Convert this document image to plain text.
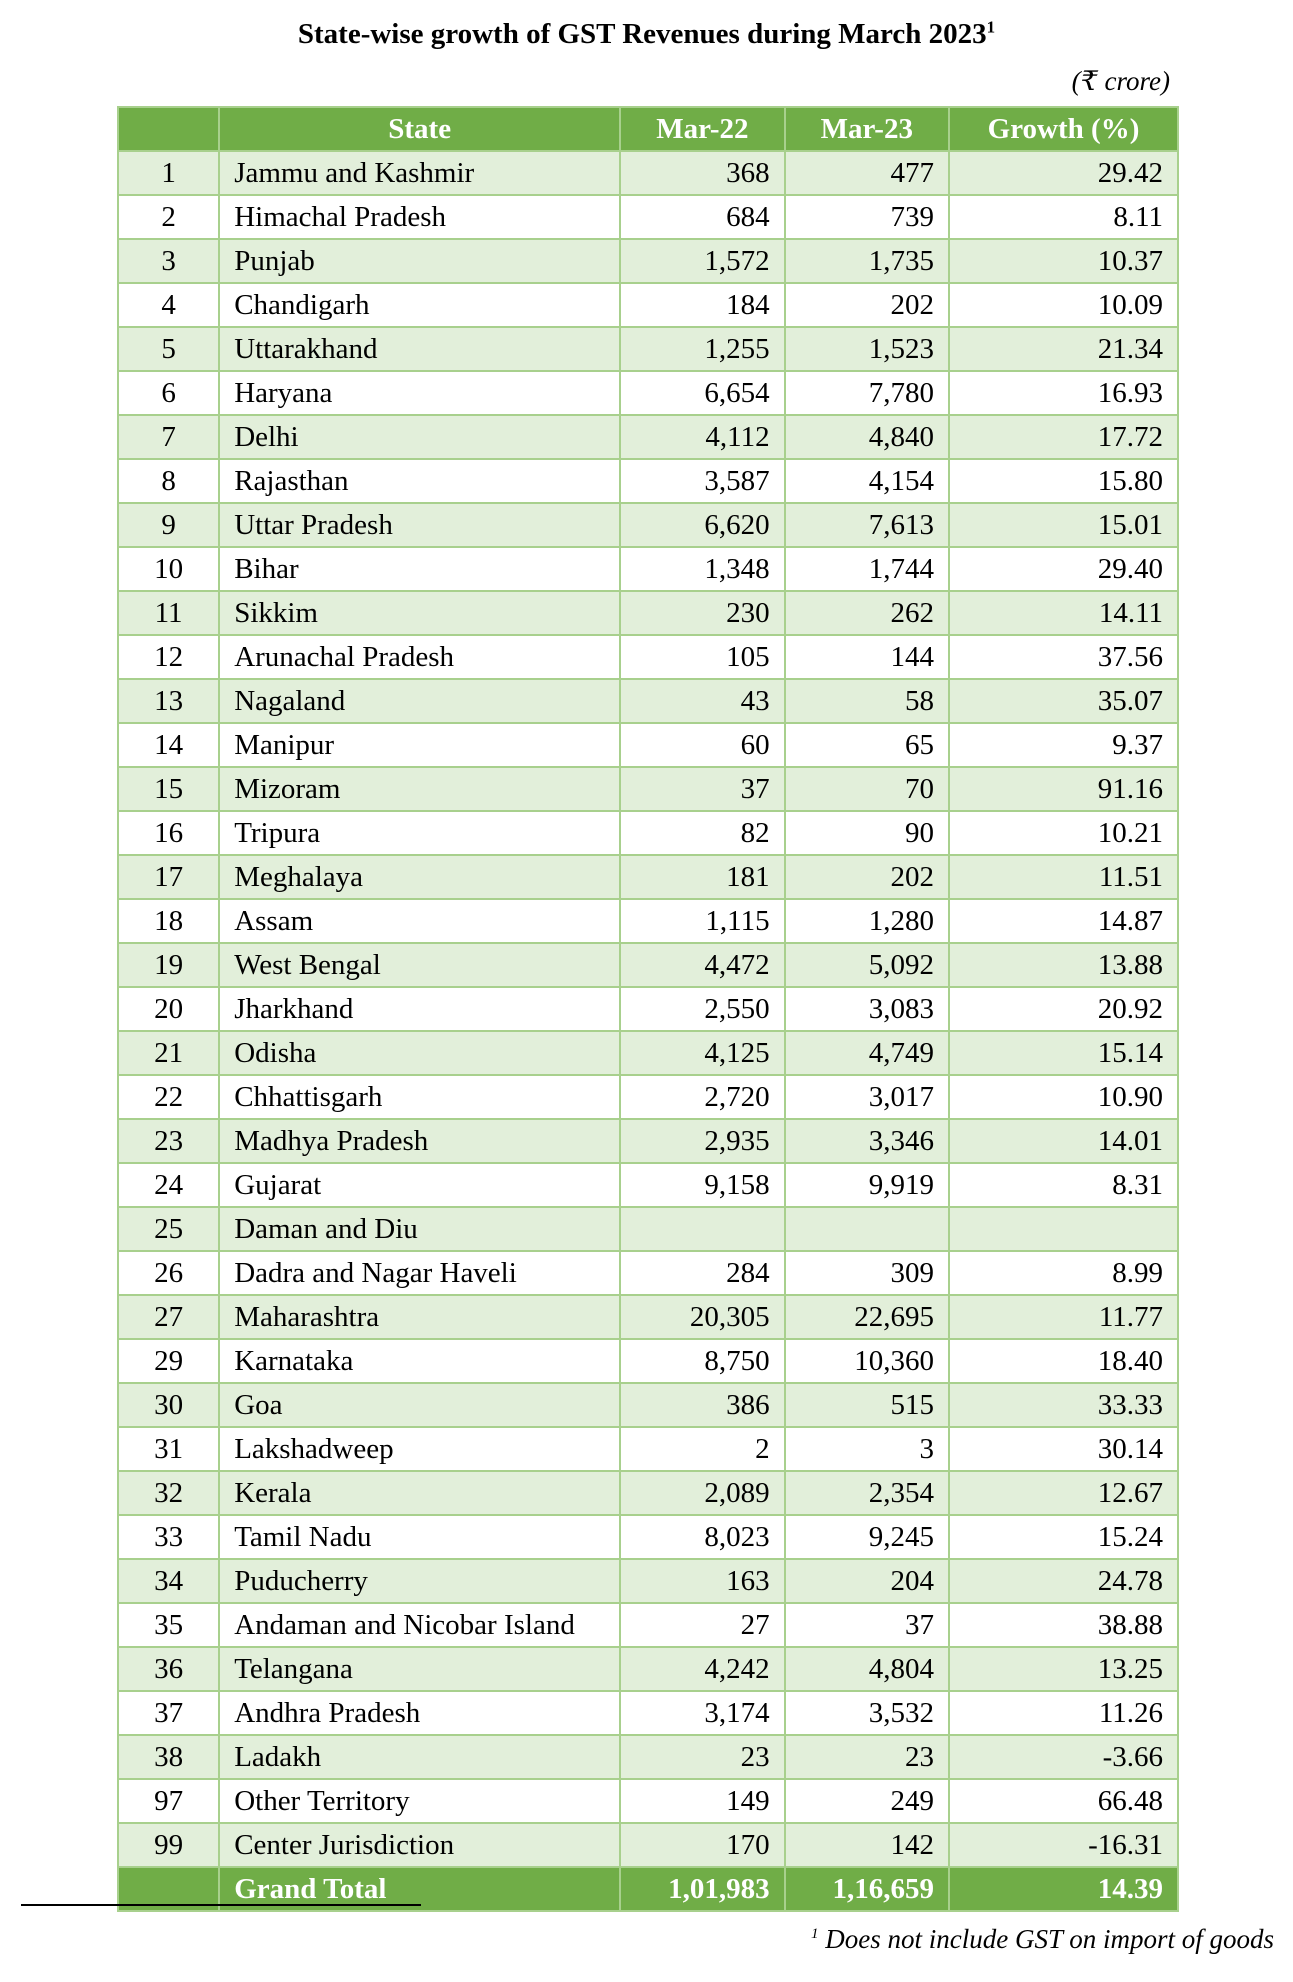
State-wise growth of GST Revenues during March 2023$^1$
(₹ crore)
	State	Mar-22	Mar-23	Growth (%)
1	Jammu and Kashmir	368	477	29.42
2	Himachal Pradesh	684	739	8.11
3	Punjab	1,572	1,735	10.37
4	Chandigarh	184	202	10.09
5	Uttarakhand	1,255	1,523	21.34
6	Haryana	6,654	7,780	16.93
7	Delhi	4,112	4,840	17.72
8	Rajasthan	3,587	4,154	15.80
9	Uttar Pradesh	6,620	7,613	15.01
10	Bihar	1,348	1,744	29.40
11	Sikkim	230	262	14.11
12	Arunachal Pradesh	105	144	37.56
13	Nagaland	43	58	35.07
14	Manipur	60	65	9.37
15	Mizoram	37	70	91.16
16	Tripura	82	90	10.21
17	Meghalaya	181	202	11.51
18	Assam	1,115	1,280	14.87
19	West Bengal	4,472	5,092	13.88
20	Jharkhand	2,550	3,083	20.92
21	Odisha	4,125	4,749	15.14
22	Chhattisgarh	2,720	3,017	10.90
23	Madhya Pradesh	2,935	3,346	14.01
24	Gujarat	9,158	9,919	8.31
25	Daman and Diu			
26	Dadra and Nagar Haveli	284	309	8.99
27	Maharashtra	20,305	22,695	11.77
29	Karnataka	8,750	10,360	18.40
30	Goa	386	515	33.33
31	Lakshadweep	2	3	30.14
32	Kerala	2,089	2,354	12.67
33	Tamil Nadu	8,023	9,245	15.24
34	Puducherry	163	204	24.78
35	Andaman and Nicobar Island	27	37	38.88
36	Telangana	4,242	4,804	13.25
37	Andhra Pradesh	3,174	3,532	11.26
38	Ladakh	23	23	-3.66
97	Other Territory	149	249	66.48
99	Center Jurisdiction	170	142	-16.31
	Grand Total	1,01,983	1,16,659	14.39
$^1$ Does not include GST on import of goods
